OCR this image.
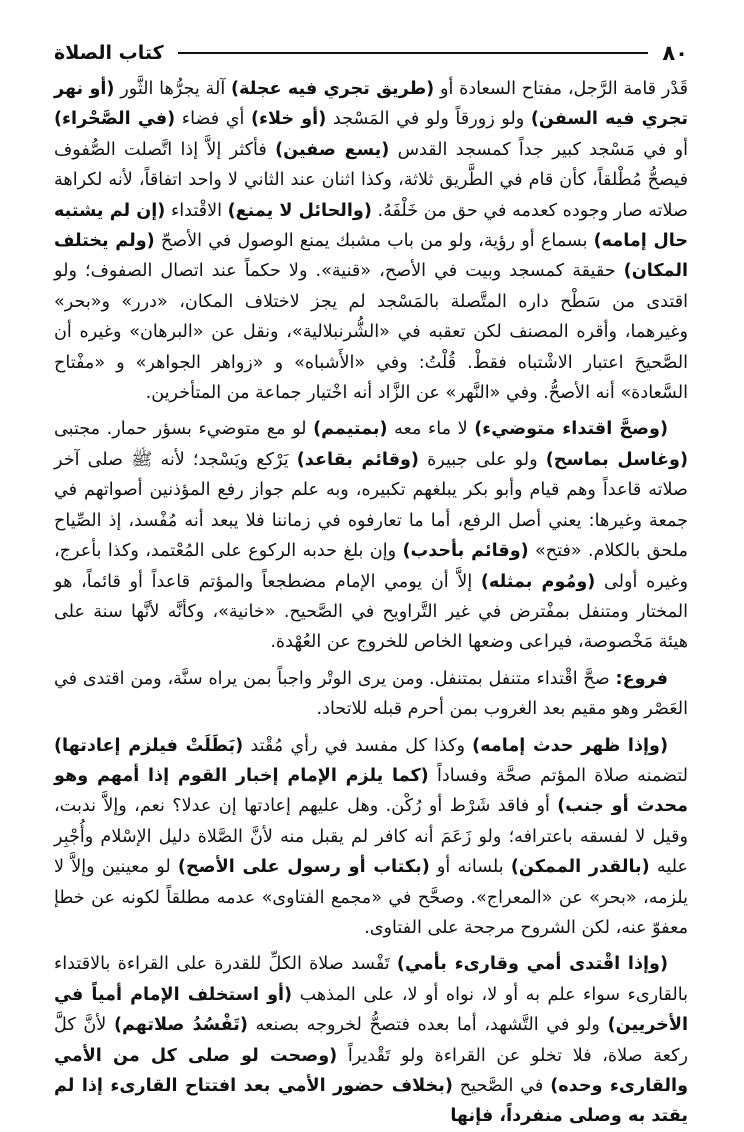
٨٠
كتاب الصلاة

قَدْر قامة الرَّجل، مفتاح السعادة أو (طريق تجري فيه عجلة) آلة يجرُّها الثَّور (أو نهر تجري فيه السفن) ولو زورقاً ولو في المَسْجد (أو خلاء) أي فضاء (في الصَّحْراء) أو في مَسْجد كبير جداً كمسجد القدس (يسع صفين) فأكثر إلاَّ إذا اتَّصلت الصُّفوف فيصحُّ مُطْلقاً، كأن قام في الطَّريق ثلاثة، وكذا اثنان عند الثاني لا واحد اتفاقاً، لأنه لكراهة صلاته صار وجوده كعدمه في حق من خَلْفَهُ. (والحائل لا يمنع) الاقْتداء (إن لم يشتبه حال إمامه) بسماع أو رؤية، ولو من باب مشبك يمنع الوصول في الأصحّ (ولم يختلف المكان) حقيقة كمسجد وبيت في الأصح، «قنية». ولا حكماً عند اتصال الصفوف؛ ولو اقتدى من سَطْح داره المتَّصلة بالمَسْجد لم يجز لاختلاف المكان، «درر» و«بحر» وغيرهما، وأقره المصنف لكن تعقبه في «الشُّرنبلالية»، ونقل عن «البرهان» وغيره أن الصَّحيحَ اعتبار الاشْتباه فقطْ. قُلْتُ: وفي «الأَشباه» و «زواهر الجواهر» و «مفْتاح السَّعادة» أنه الأصحُّ. وفي «النَّهر» عن الزَّاد أنه اخْتيار جماعة من المتأخرين.

(وصحَّ اقتداء متوضيء) لا ماء معه (بمتيمم) لو مع متوضيء بسؤر حمار. مجتبى (وغاسل بماسح) ولو على جبيرة (وقائم بقاعد) يَرْكع ويَسْجد؛ لأنه ﷺ صلى آخر صلاته قاعداً وهم قيام وأبو بكر يبلغهم تكبيره، وبه علم جواز رفع المؤذنين أصواتهم في جمعة وغيرها: يعني أصل الرفع، أما ما تعارفوه في زماننا فلا يبعد أنه مُفْسد، إذ الصِّياح ملحق بالكلام. «فتح» (وقائم بأحدب) وإن بلغ حدبه الركوع على المُعْتمد، وكذا بأعرج، وغيره أولى (ومُوم بمثله) إلاَّ أن يومي الإمام مضطجعاً والمؤتم قاعداً أو قائماً، هو المختار ومتنفل بمفْترض في غير التَّراويح في الصَّحيح. «خانية»، وكأنَّه لأنَّها سنة على هيئة مَخْصوصة، فيراعى وضعها الخاص للخروج عن العُهْدة.

فروع: صحَّ اقْتداء متنفل بمتنفل. ومن يرى الوتْر واجباً بمن يراه سنَّة، ومن اقتدى في العَصْر وهو مقيم بعد الغروب بمن أحرم قبله للاتحاد.

(وإذا ظهر حدث إمامه) وكذا كل مفسد في رأي مُقْتد (بَطَلَتْ فيلزم إعادتها) لتضمنه صلاة المؤتم صحَّة وفساداً (كما يلزم الإمام إخبار القوم إذا أمهم وهو محدث أو جنب) أو فاقد شَرْط أو رُكْن. وهل عليهم إعادتها إن عدلا؟ نعم، وإلاَّ ندبت، وقيل لا لفسقه باعترافه؛ ولو زَعَمَ أنه كافر لم يقبل منه لأنَّ الصَّلاة دليل الإسْلام وأُجْبِر عليه (بالقدر الممكن) بلسانه أو (بكتاب أو رسول على الأصح) لو معينين وإلاَّ لا يلزمه، «بحر» عن «المعراج». وصحَّح في «مجمع الفتاوى» عدمه مطلقاً لكونه عن خطإ معفوّ عنه، لكن الشروح مرجحة على الفتاوى.

(وإذا اقْتدى أمي وقارىء بأمي) تَفْسد صلاة الكلِّ للقدرة على القراءة بالاقتداء بالقارىء سواء علم به أو لا، نواه أو لا، على المذهب (أو استخلف الإمام أمياً في الأخريين) ولو في التَّشهد، أما بعده فتصحُّ لخروجه بصنعه (تَفْسُدُ صلاتهم) لأنَّ كلَّ ركعة صلاة، فلا تخلو عن القراءة ولو تَقْديراً (وصحت لو صلى كل من الأمي والقارىء وحده) في الصَّحيح (بخلاف حضور الأمي بعد افتتاح القارىء إذا لم يقتد به وصلى منفرداً، فإنها
